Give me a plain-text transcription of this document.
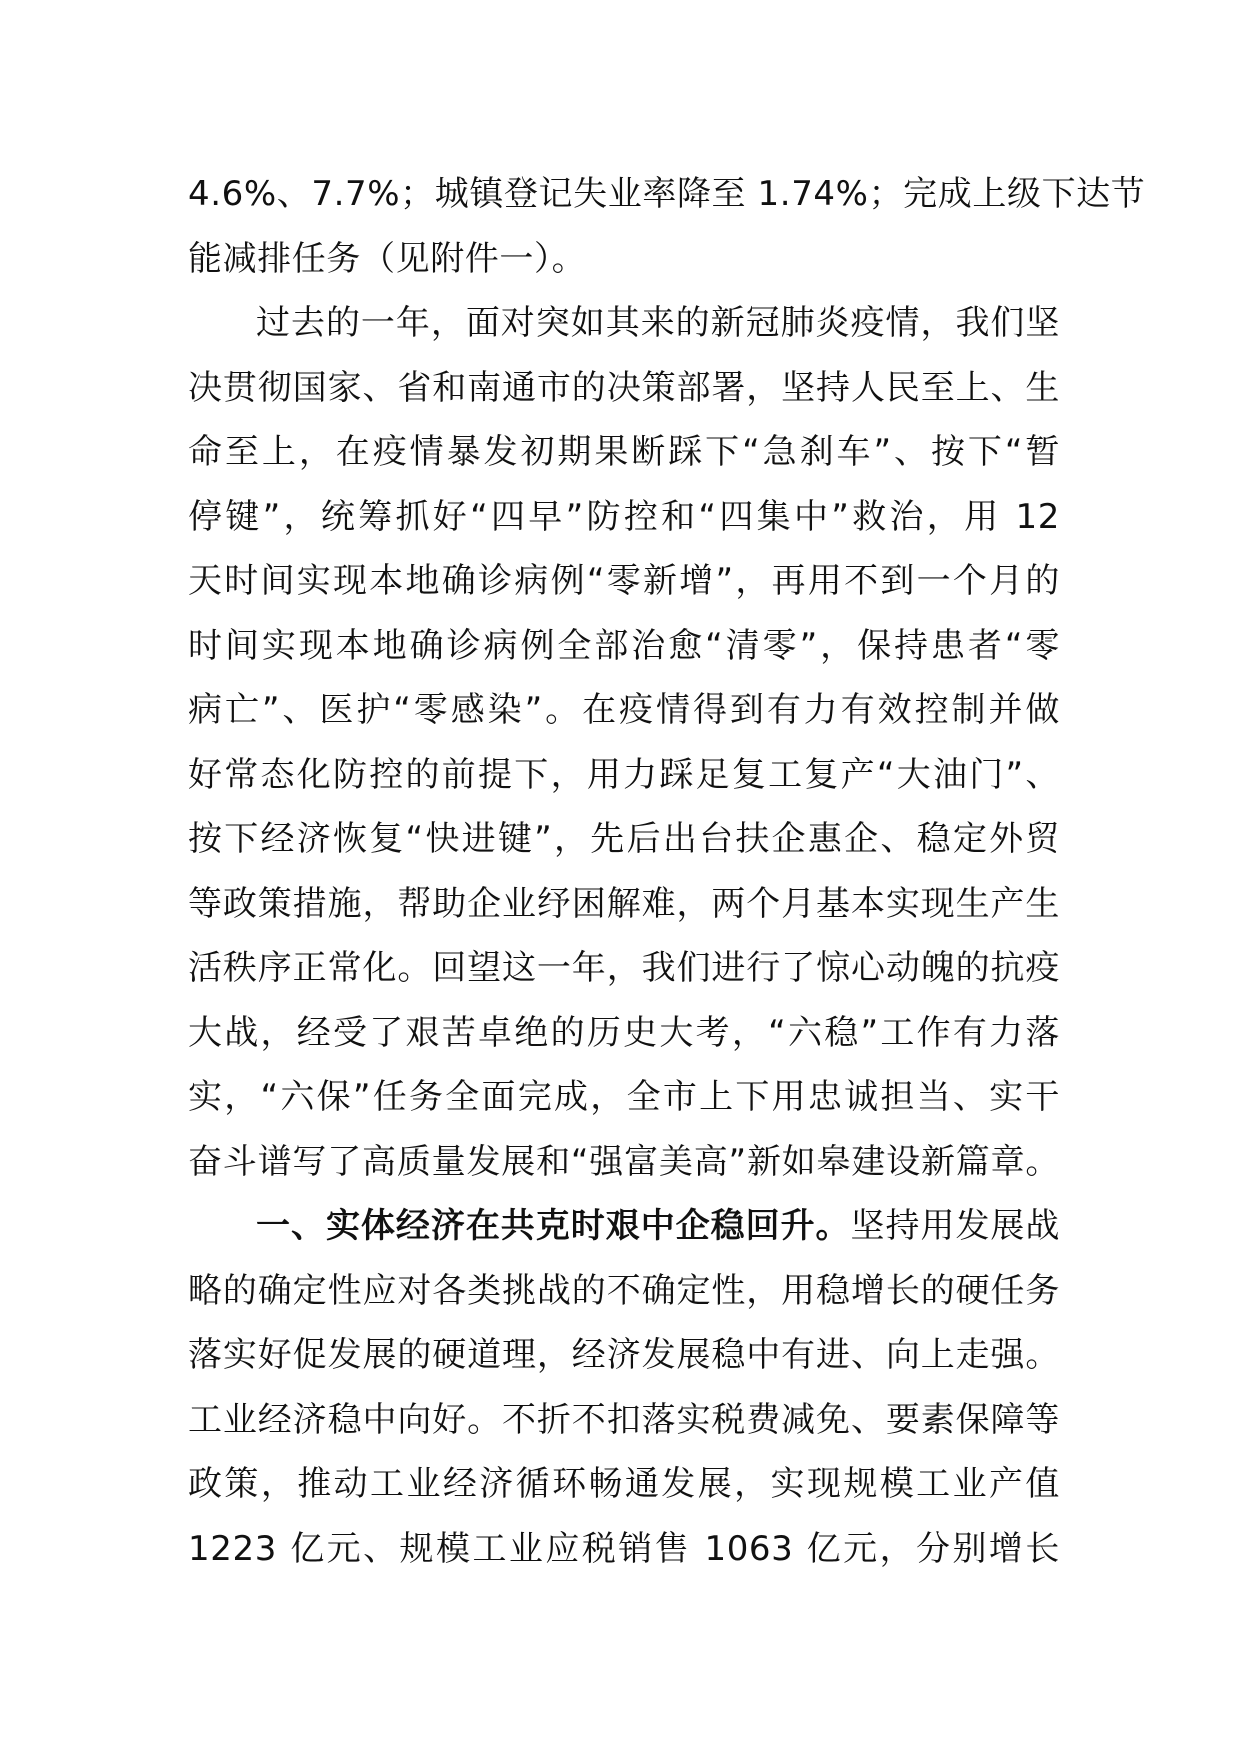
4.6%、7.7%；城镇登记失业率降至 1.74%；完成上级下达节
能减排任务（见附件一）。
过去的一年，面对突如其来的新冠肺炎疫情，我们坚
决贯彻国家、省和南通市的决策部署，坚持人民至上、生
命至上，在疫情暴发初期果断踩下“急刹车”、按下“暂
停键”，统筹抓好“四早”防控和“四集中”救治，用 12
天时间实现本地确诊病例“零新增”，再用不到一个月的
时间实现本地确诊病例全部治愈“清零”，保持患者“零
病亡”、医护“零感染”。在疫情得到有力有效控制并做
好常态化防控的前提下，用力踩足复工复产“大油门”、
按下经济恢复“快进键”，先后出台扶企惠企、稳定外贸
等政策措施，帮助企业纾困解难，两个月基本实现生产生
活秩序正常化。回望这一年，我们进行了惊心动魄的抗疫
大战，经受了艰苦卓绝的历史大考，“六稳”工作有力落
实，“六保”任务全面完成，全市上下用忠诚担当、实干
奋斗谱写了高质量发展和“强富美高”新如皋建设新篇章。
一、实体经济在共克时艰中企稳回升。坚持用发展战
略的确定性应对各类挑战的不确定性，用稳增长的硬任务
落实好促发展的硬道理，经济发展稳中有进、向上走强。
工业经济稳中向好。不折不扣落实税费减免、要素保障等
政策，推动工业经济循环畅通发展，实现规模工业产值
1223 亿元、规模工业应税销售 1063 亿元，分别增长
